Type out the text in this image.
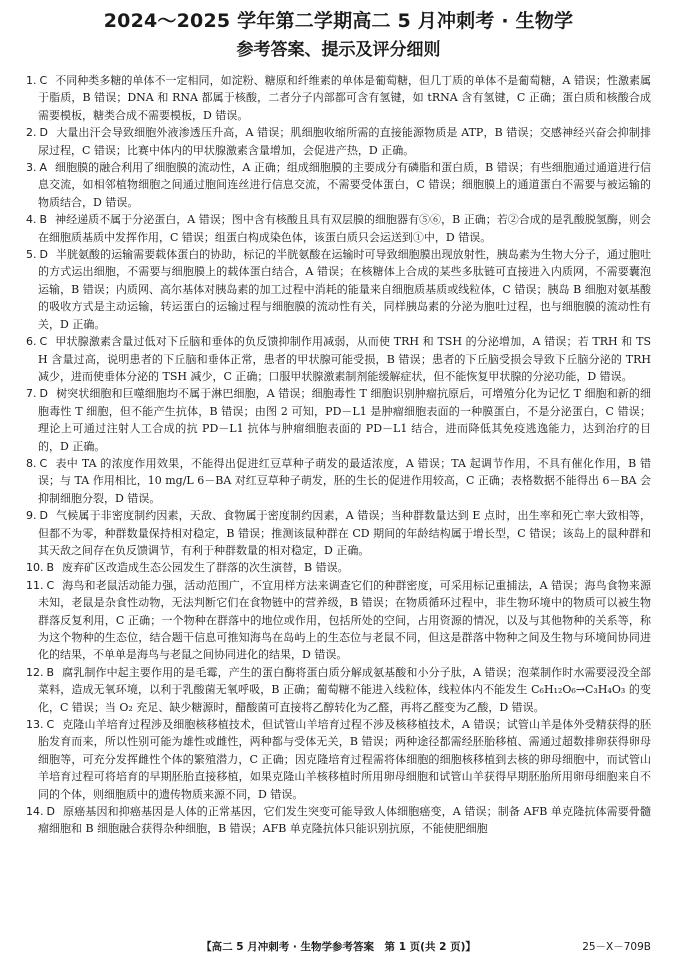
2024～2025 学年第二学期高二 5 月冲刺考 · 生物学
参考答案、提示及评分细则
1. C 不同种类多糖的单体不一定相同，如淀粉、糖原和纤维素的单体是葡萄糖，但几丁质的单体不是葡萄糖，A 错误；性激素属于脂质，B 错误；DNA 和 RNA 都属于核酸，二者分子内部都可含有氢键，如 tRNA 含有氢键，C 正确；蛋白质和核酸合成需要模板，糖类合成不需要模板，D 错误。
2. D 大量出汗会导致细胞外液渗透压升高，A 错误；肌细胞收缩所需的直接能源物质是 ATP，B 错误；交感神经兴奋会抑制排尿过程，C 错误；比赛中体内的甲状腺激素含量增加，会促进产热，D 正确。
3. A 细胞膜的融合利用了细胞膜的流动性，A 正确；组成细胞膜的主要成分有磷脂和蛋白质，B 错误；有些细胞通过通道进行信息交流，如相邻植物细胞之间通过胞间连丝进行信息交流，不需要受体蛋白，C 错误；细胞膜上的通道蛋白不需要与被运输的物质结合，D 错误。
4. B 神经递质不属于分泌蛋白，A 错误；图中含有核酸且具有双层膜的细胞器有⑤⑥，B 正确；若②合成的是乳酸脱氢酶，则会在细胞质基质中发挥作用，C 错误；组蛋白构成染色体，该蛋白质只会运送到①中，D 错误。
5. D 半胱氨酸的运输需要载体蛋白的协助，标记的半胱氨酸在运输时可导致细胞膜出现放射性，胰岛素为生物大分子，通过胞吐的方式运出细胞，不需要与细胞膜上的载体蛋白结合，A 错误；在核糖体上合成的某些多肽链可直接进入内质网，不需要囊泡运输，B 错误；内质网、高尔基体对胰岛素的加工过程中消耗的能量来自细胞质基质或线粒体，C 错误；胰岛 B 细胞对氨基酸的吸收方式是主动运输，转运蛋白的运输过程与细胞膜的流动性有关，同样胰岛素的分泌为胞吐过程，也与细胞膜的流动性有关，D 正确。
6. C 甲状腺激素含量过低对下丘脑和垂体的负反馈抑制作用减弱，从而使 TRH 和 TSH 的分泌增加，A 错误；若 TRH 和 TSH 含量过高，说明患者的下丘脑和垂体正常，患者的甲状腺可能受损，B 错误；患者的下丘脑受损会导致下丘脑分泌的 TRH 减少，进而使垂体分泌的 TSH 减少，C 正确；口服甲状腺激素制剂能缓解症状，但不能恢复甲状腺的分泌功能，D 错误。
7. D 树突状细胞和巨噬细胞均不属于淋巴细胞，A 错误；细胞毒性 T 细胞识别肿瘤抗原后，可增殖分化为记忆 T 细胞和新的细胞毒性 T 细胞，但不能产生抗体，B 错误；由图 2 可知，PD－L1 是肿瘤细胞表面的一种膜蛋白，不是分泌蛋白，C 错误；理论上可通过注射人工合成的抗 PD－L1 抗体与肿瘤细胞表面的 PD－L1 结合，进而降低其免疫逃逸能力，达到治疗的目的，D 正确。
8. C 表中 TA 的浓度作用效果，不能得出促进红豆草种子萌发的最适浓度，A 错误；TA 起调节作用，不具有催化作用，B 错误；与 TA 作用相比，10 mg/L 6－BA 对红豆草种子萌发，胚的生长的促进作用较高，C 正确；表格数据不能得出 6－BA 会抑制细胞分裂，D 错误。
9. D 气候属于非密度制约因素，天敌、食物属于密度制约因素，A 错误；当种群数量达到 E 点时，出生率和死亡率大致相等，但都不为零，种群数量保持相对稳定，B 错误；推测该鼠种群在 CD 期间的年龄结构属于增长型，C 错误；该岛上的鼠种群和其天敌之间存在负反馈调节，有利于种群数量的相对稳定，D 正确。
10. B 废弃矿区改造成生态公园发生了群落的次生演替，B 错误。
11. C 海鸟和老鼠活动能力强，活动范围广，不宜用样方法来调查它们的种群密度，可采用标记重捕法，A 错误；海鸟食物来源未知，老鼠是杂食性动物，无法判断它们在食物链中的营养级，B 错误；在物质循环过程中，非生物环境中的物质可以被生物群落反复利用，C 正确；一个物种在群落中的地位或作用，包括所处的空间，占用资源的情况，以及与其他物种的关系等，称为这个物种的生态位，结合题干信息可推知海鸟在岛屿上的生态位与老鼠不同，但这是群落中物种之间及生物与环境间协同进化的结果，不单单是海鸟与老鼠之间协同进化的结果，D 错误。
12. B 腐乳制作中起主要作用的是毛霉，产生的蛋白酶将蛋白质分解成氨基酸和小分子肽，A 错误；泡菜制作时水需要浸没全部菜料，造成无氧环境，以利于乳酸菌无氧呼吸，B 正确；葡萄糖不能进入线粒体，线粒体内不能发生 C₆H₁₂O₆→C₃H₄O₃ 的变化，C 错误；当 O₂ 充足、缺少糖源时，醋酸菌可直接将乙醇转化为乙醛，再将乙醛变为乙酸，D 错误。
13. C 克隆山羊培育过程涉及细胞核移植技术，但试管山羊培育过程不涉及核移植技术，A 错误；试管山羊是体外受精获得的胚胎发育而来，所以性别可能为雄性或雌性，两种都与受体无关，B 错误；两种途径都需经胚胎移植、需通过超数排卵获得卵母细胞等，可充分发挥雌性个体的繁殖潜力，C 正确；因克隆培育过程需将体细胞的细胞核移植到去核的卵母细胞中，而试管山羊培育过程可将培育的早期胚胎直接移植，如果克隆山羊核移植时所用卵母细胞和试管山羊获得早期胚胎所用卵母细胞来自不同的个体，则细胞质中的遗传物质来源不同，D 错误。
14. D 原癌基因和抑癌基因是人体的正常基因，它们发生突变可能导致人体细胞癌变，A 错误；制备 AFB 单克隆抗体需要骨髓瘤细胞和 B 细胞融合获得杂种细胞，B 错误；AFB 单克隆抗体只能识别抗原，不能使肥细胞
【高二 5 月冲刺考 · 生物学参考答案　第 1 页(共 2 页)】	25－X－709B
